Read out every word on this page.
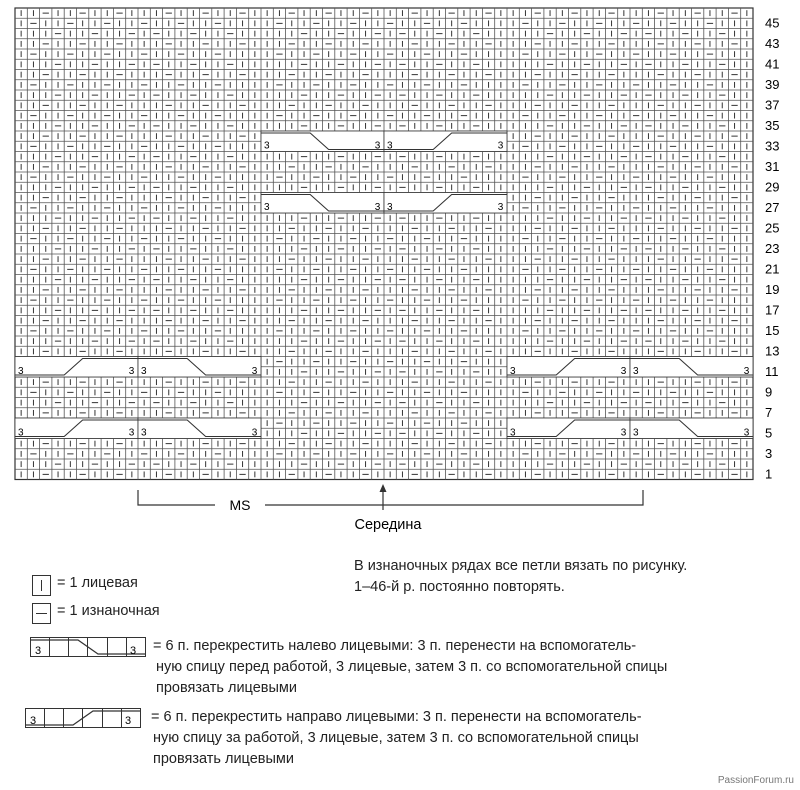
3	3 3	3	3	3 3	3
3	3 3	3	3	3 3	3
3	3 3	3
3	3 3	3
45
43
41
39
37
35
33
31
29
27
25
23
21
19
17
15
13
11
9
7
5
3
1
MS
Середина
В изнаночных рядах все петли вязать по рисунку.
1–46-й р. постоянно повторять.
= 1 лицевая
= 1 изнаночная
3	3 = 6 п. перекрестить налево лицевыми: 3 п. перенести на вспомогатель-
ную спицу перед работой, 3 лицевые, затем 3 п. со вспомогательной спицы
провязать лицевыми
3	3 = 6 п. перекрестить направо лицевыми: 3 п. перенести на вспомогатель-
ную спицу за работой, 3 лицевые, затем 3 п. со вспомогательной спицы
провязать лицевыми
PassionForum.ru
